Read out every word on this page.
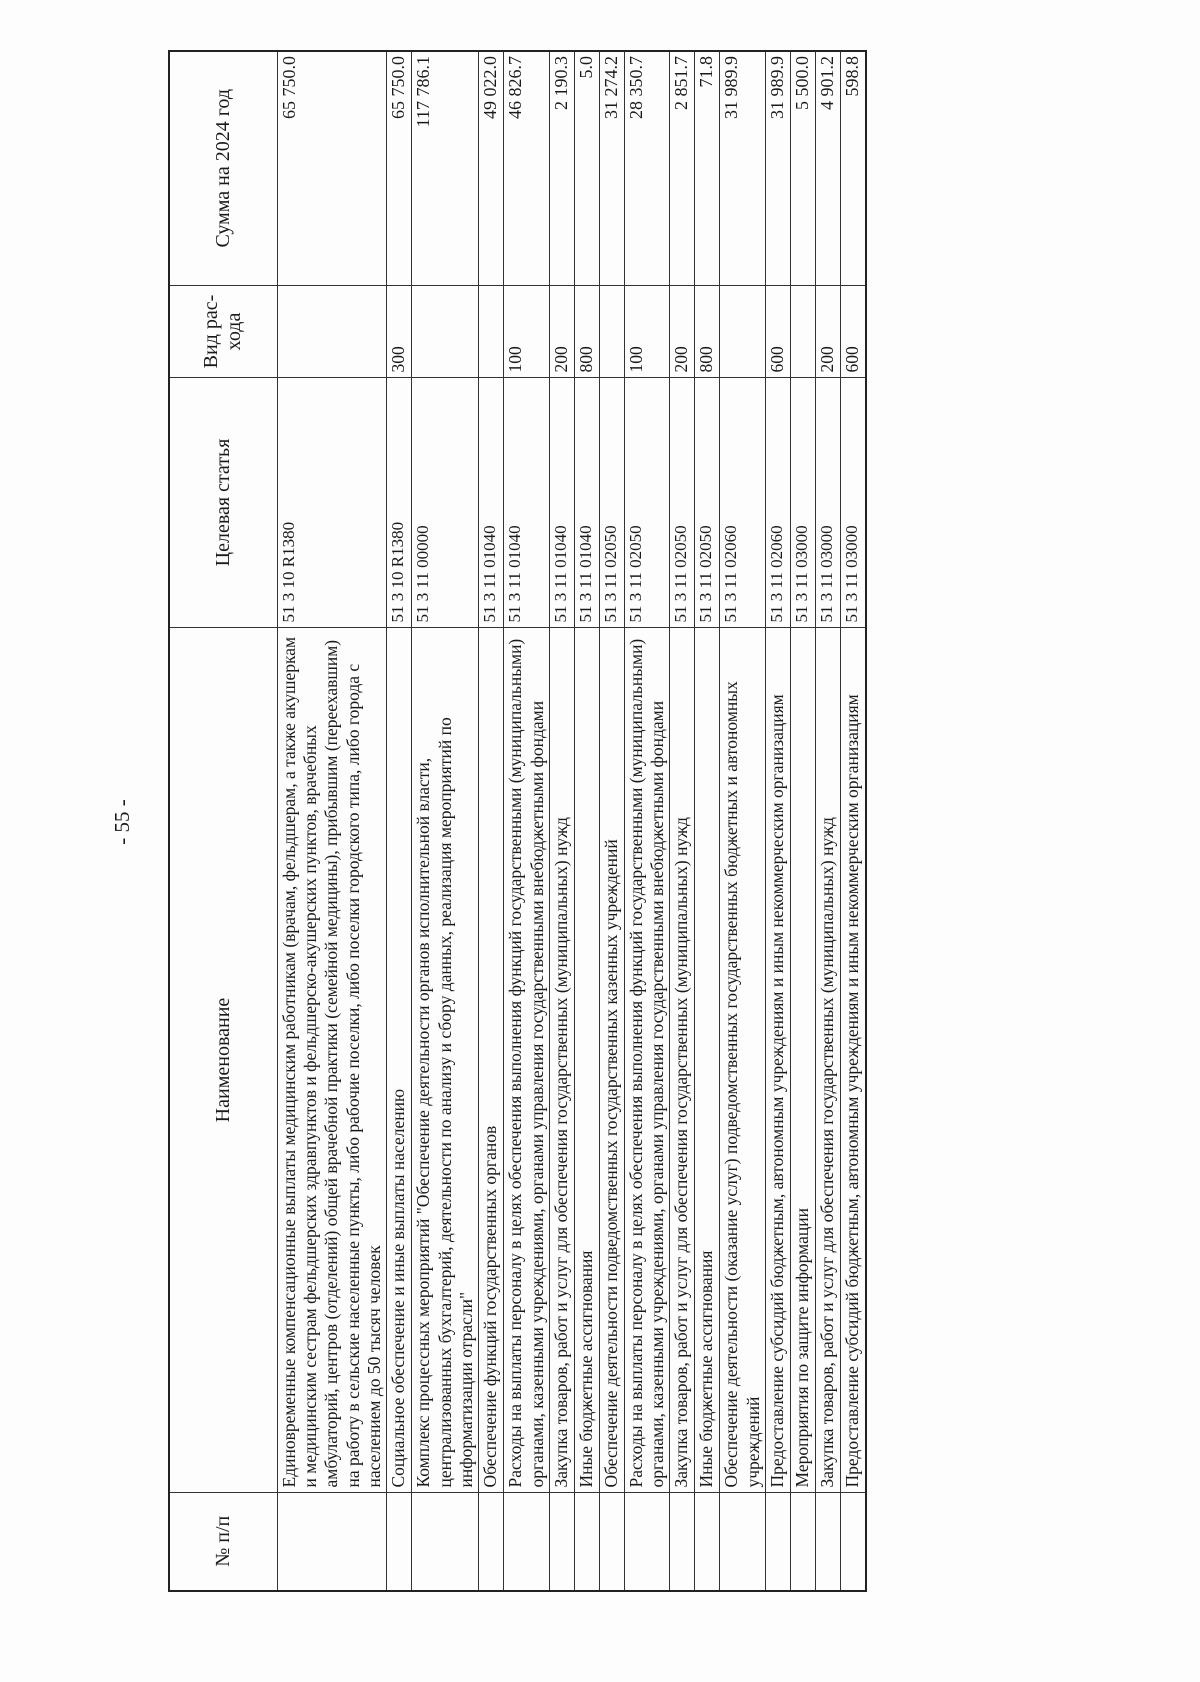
- 55 -
№ п/п	Наименование	Целевая статья	Вид рас-хода	Сумма на 2024 год
	Единовременные компенсационные выплаты медицинским работникам (врачам, фельдшерам, а также акушеркам и медицинским сестрам фельдшерских здравпунктов и фельдшерско-акушерских пунктов, врачебных амбулаторий, центров (отделений) общей врачебной практики (семейной медицины), прибывшим (переехавшим) на работу в сельские населенные пункты, либо рабочие поселки, либо поселки городского типа, либо города с населением до 50 тысяч человек	51 3 10 R1380		65 750.0
	Социальное обеспечение и иные выплаты населению	51 3 10 R1380	300	65 750.0
	Комплекс процессных мероприятий "Обеспечение деятельности органов исполнительной власти, централизованных бухгалтерий, деятельности по анализу и сбору данных, реализация мероприятий по информатизации отрасли"	51 3 11 00000		117 786.1
	Обеспечение функций государственных органов	51 3 11 01040		49 022.0
	Расходы на выплаты персоналу в целях обеспечения выполнения функций государственными (муниципальными) органами, казенными учреждениями, органами управления государственными внебюджетными фондами	51 3 11 01040	100	46 826.7
	Закупка товаров, работ и услуг для обеспечения государственных (муниципальных) нужд	51 3 11 01040	200	2 190.3
	Иные бюджетные ассигнования	51 3 11 01040	800	5.0
	Обеспечение деятельности подведомственных государственных казенных учреждений	51 3 11 02050		31 274.2
	Расходы на выплаты персоналу в целях обеспечения выполнения функций государственными (муниципальными) органами, казенными учреждениями, органами управления государственными внебюджетными фондами	51 3 11 02050	100	28 350.7
	Закупка товаров, работ и услуг для обеспечения государственных (муниципальных) нужд	51 3 11 02050	200	2 851.7
	Иные бюджетные ассигнования	51 3 11 02050	800	71.8
	Обеспечение деятельности (оказание услуг) подведомственных государственных бюджетных и автономных учреждений	51 3 11 02060		31 989.9
	Предоставление субсидий бюджетным, автономным учреждениям и иным некоммерческим организациям	51 3 11 02060	600	31 989.9
	Мероприятия по защите информации	51 3 11 03000		5 500.0
	Закупка товаров, работ и услуг для обеспечения государственных (муниципальных) нужд	51 3 11 03000	200	4 901.2
	Предоставление субсидий бюджетным, автономным учреждениям и иным некоммерческим организациям	51 3 11 03000	600	598.8
